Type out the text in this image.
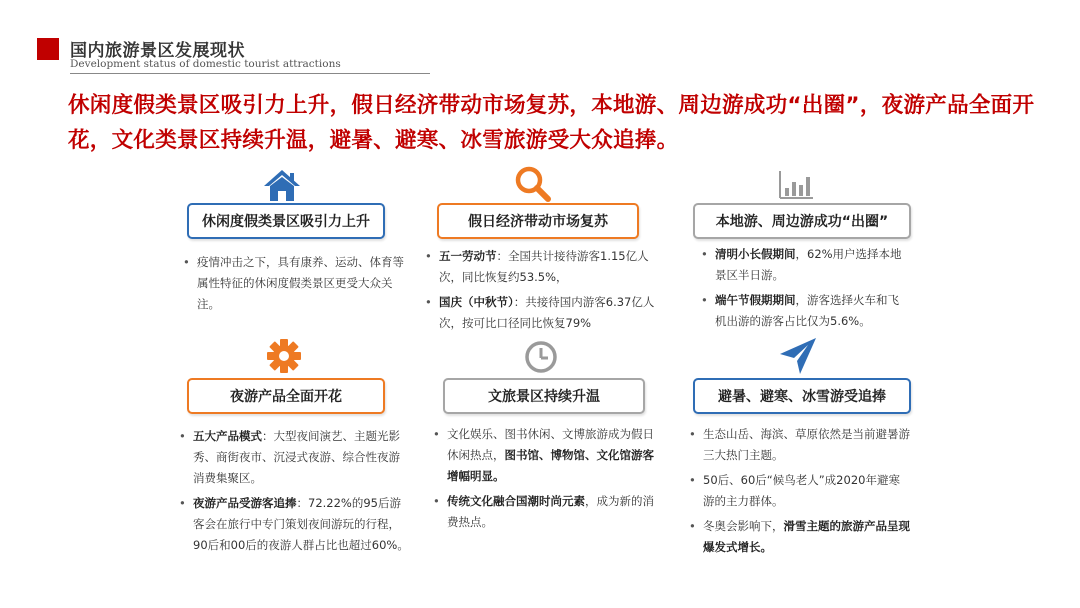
国内旅游景区发展现状
Development status of domestic tourist attractions
休闲度假类景区吸引力上升，假日经济带动市场复苏，本地游、周边游成功“出圈”，夜游产品全面开花，文化类景区持续升温，避暑、避寒、冰雪旅游受大众追捧。
休闲度假类景区吸引力上升	假日经济带动市场复苏	本地游、周边游成功“出圈”
夜游产品全面开花	文旅景区持续升温	避暑、避寒、冰雪游受追捧
• 疫情冲击之下，具有康养、运动、体育等属性特征的休闲度假类景区更受大众关注。
• 五一劳动节：全国共计接待游客1.15亿人次，同比恢复约53.5%，
• 国庆（中秋节）：共接待国内游客6.37亿人次，按可比口径同比恢复79%
• 清明小长假期间，62%用户选择本地景区半日游。
• 端午节假期期间，游客选择火车和飞机出游的游客占比仅为5.6%。
• 五大产品模式：大型夜间演艺、主题光影秀、商街夜市、沉浸式夜游、综合性夜游消费集聚区。
• 夜游产品受游客追捧：72.22%的95后游客会在旅行中专门策划夜间游玩的行程，90后和00后的夜游人群占比也超过60%。
• 文化娱乐、图书休闲、文博旅游成为假日休闲热点，图书馆、博物馆、文化馆游客增幅明显。
• 传统文化融合国潮时尚元素，成为新的消费热点。
• 生态山岳、海滨、草原依然是当前避暑游三大热门主题。
• 50后、60后“候鸟老人”成2020年避寒游的主力群体。
• 冬奥会影响下，滑雪主题的旅游产品呈现爆发式增长。
